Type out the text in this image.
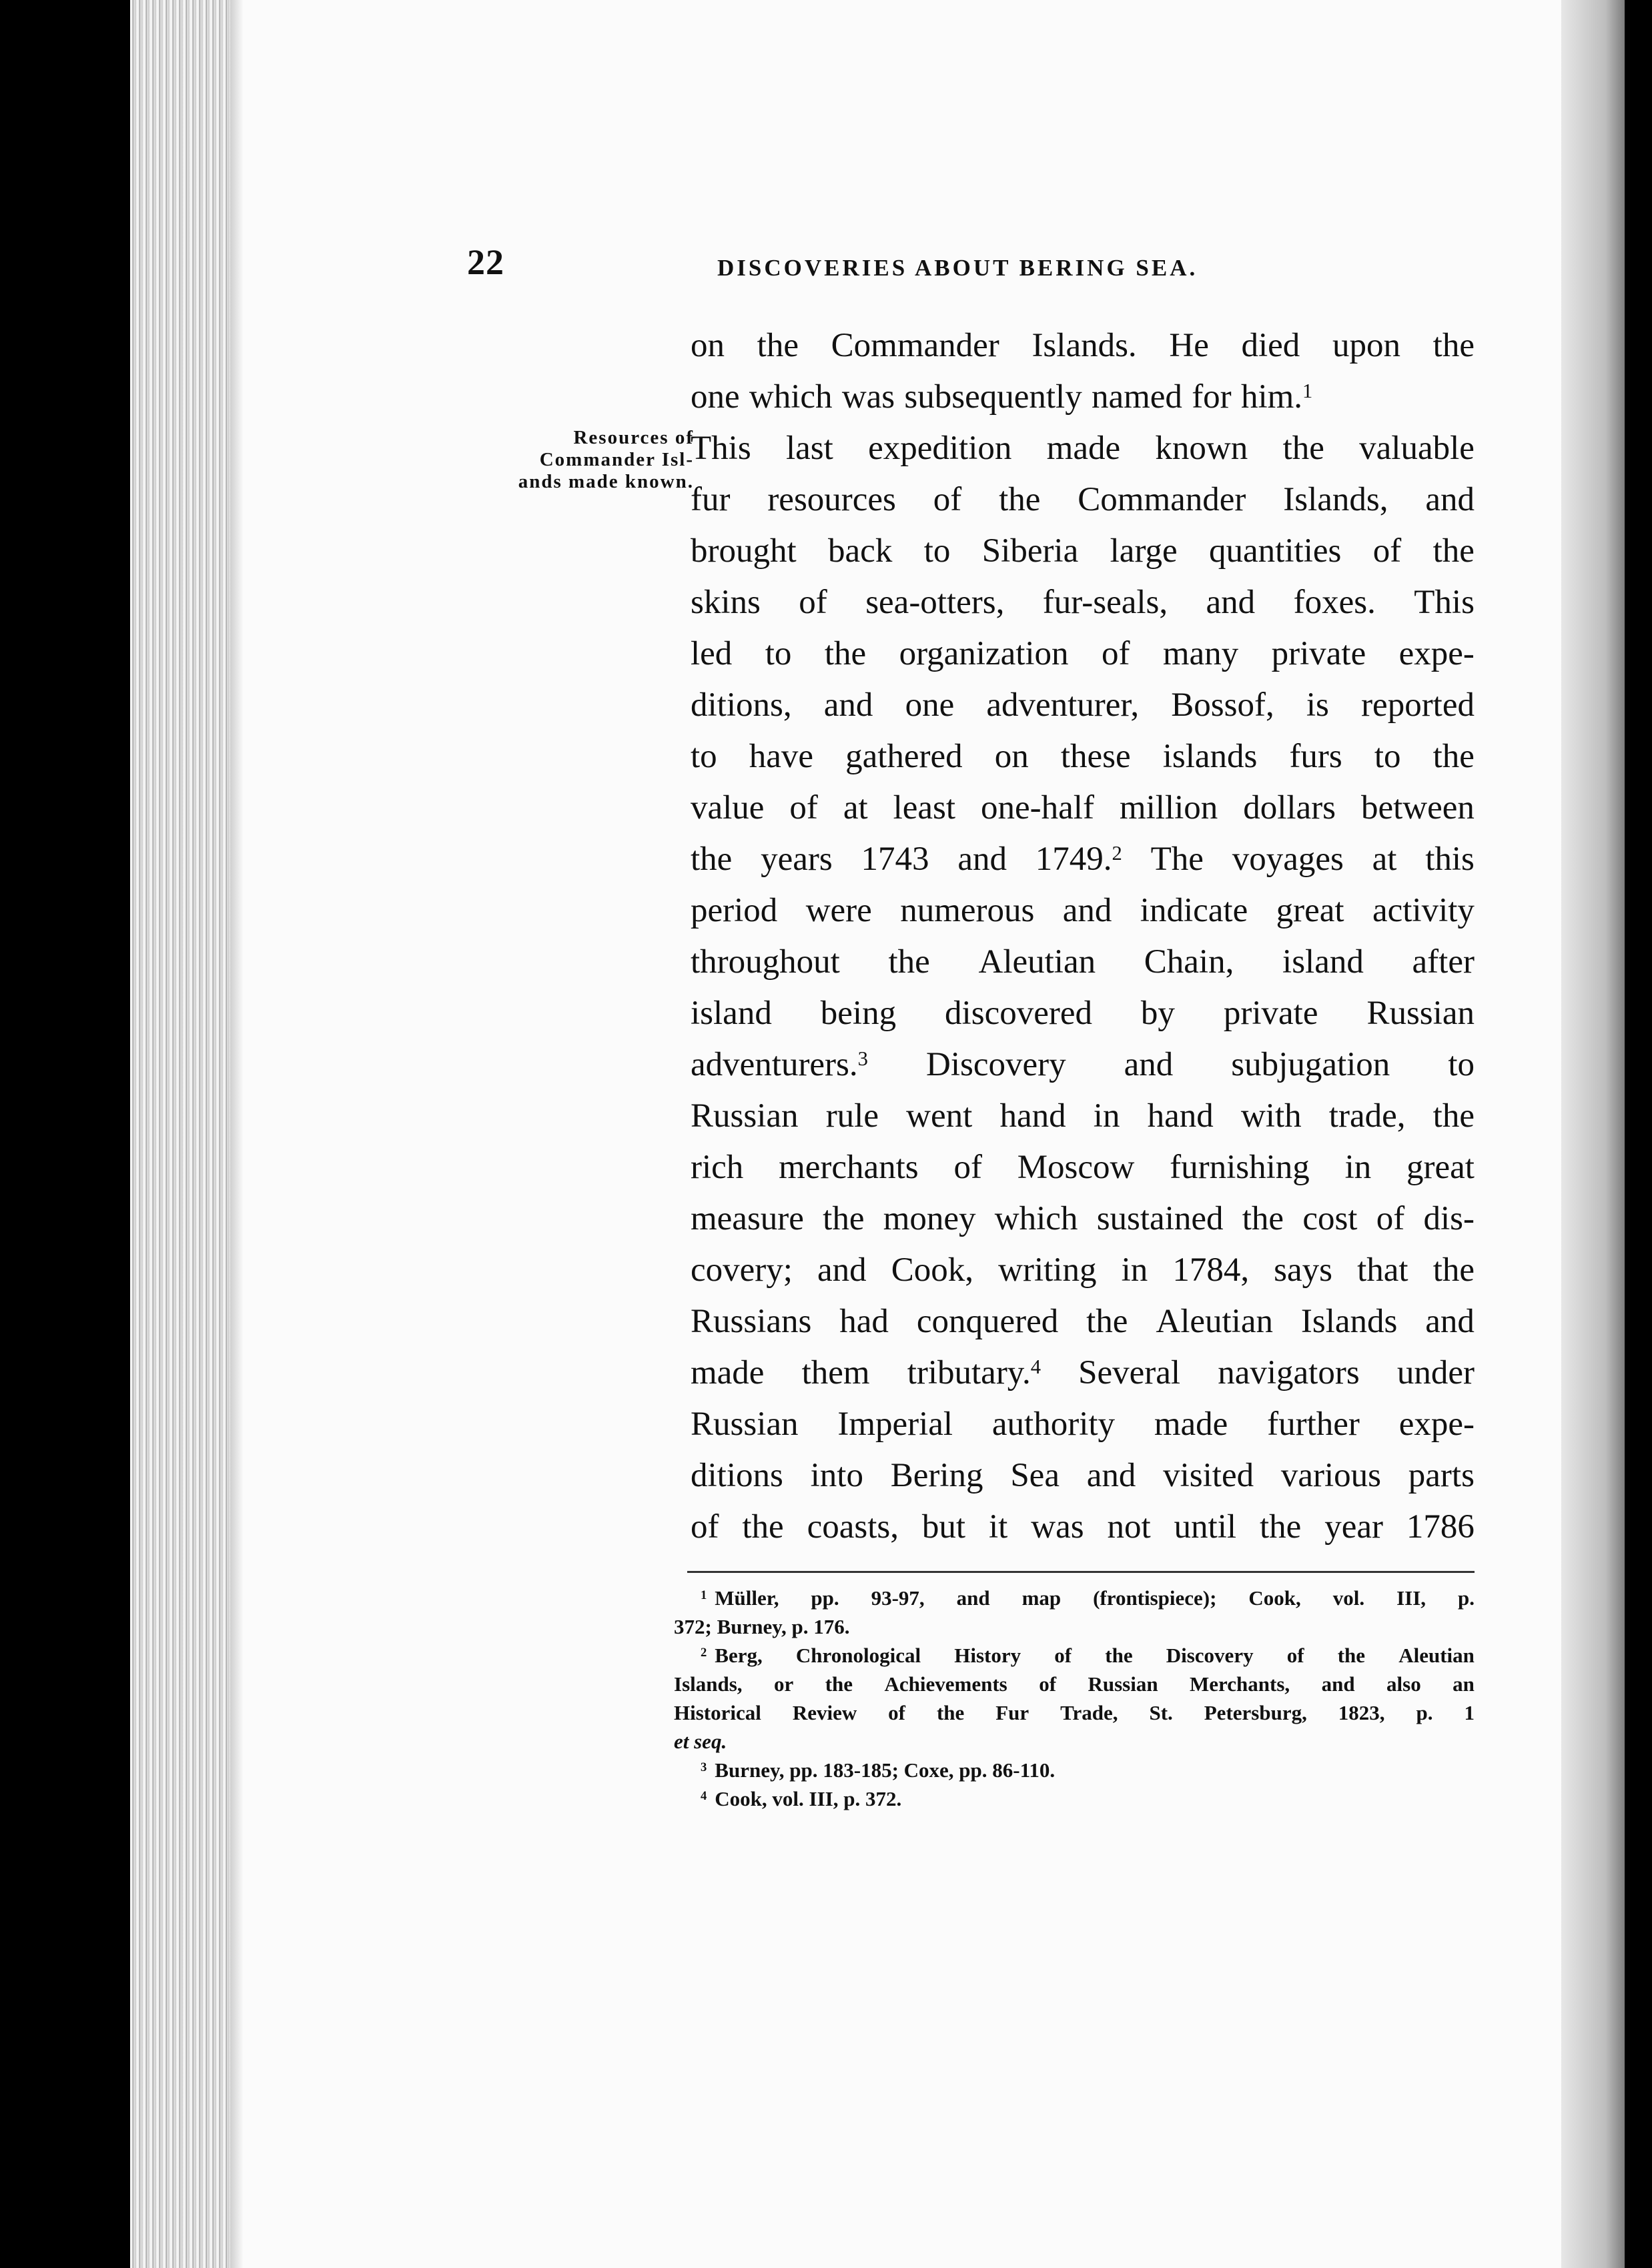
22	DISCOVERIES ABOUT BERING SEA.
Resources of
Commander Isl-
ands made known.
on the Commander Islands. He died upon the
one which was subsequently named for him.$^1$
This last expedition made known the valuable
fur resources of the Commander Islands, and
brought back to Siberia large quantities of the
skins of sea-otters, fur-seals, and foxes. This
led to the organization of many private expe-
ditions, and one adventurer, Bossof, is reported
to have gathered on these islands furs to the
value of at least one-half million dollars between
the years 1743 and 1749.$^2$ The voyages at this
period were numerous and indicate great activity
throughout the Aleutian Chain, island after
island being discovered by private Russian
adventurers.$^3$ Discovery and subjugation to
Russian rule went hand in hand with trade, the
rich merchants of Moscow furnishing in great
measure the money which sustained the cost of dis-
covery; and Cook, writing in 1784, says that the
Russians had conquered the Aleutian Islands and
made them tributary.$^4$ Several navigators under
Russian Imperial authority made further expe-
ditions into Bering Sea and visited various parts
of the coasts, but it was not until the year 1786
$^1$ Müller, pp. 93-97, and map (frontispiece); Cook, vol. III, p.
372; Burney, p. 176.
$^2$ Berg, Chronological History of the Discovery of the Aleutian
Islands, or the Achievements of Russian Merchants, and also an
Historical Review of the Fur Trade, St. Petersburg, 1823, p. 1
et seq.
$^3$ Burney, pp. 183-185; Coxe, pp. 86-110.
$^4$ Cook, vol. III, p. 372.
